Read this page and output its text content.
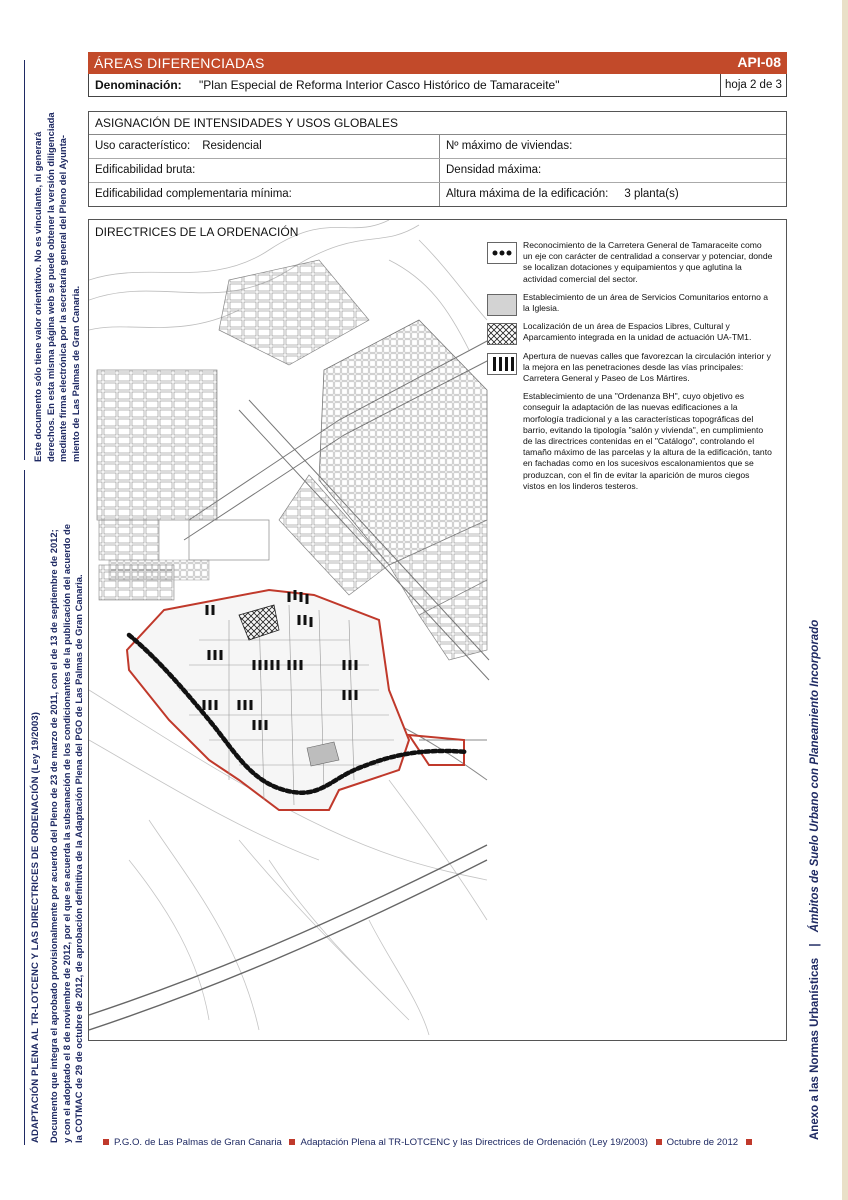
ADAPTACIÓN PLENA AL TR-LOTCENC Y LAS DIRECTRICES DE ORDENACIÓN (Ley 19/2003) Documento que integra el aprobado provisionalmente por acuerdo del Pleno de 23 de marzo de 2011, con el de 13 de septiembre de 2012; y con el adoptado el 8 de noviembre de 2012, por el que se acuerda la subsanación de los condicionantes de la publicación del acuerdo de la COTMAC de 29 de octubre de 2012, de aprobación definitiva de la Adaptación Plena del PGO de Las Palmas de Gran Canaria.
Este documento sólo tiene valor orientativo. No es vinculante, ni generará derechos. En esta misma página web se puede obtener la versión diligenciada mediante firma electrónica por la secretaría general del Pleno del Ayunta- miento de Las Palmas de Gran Canaria.
Anexo a las Normas Urbanísticas | Ámbitos de Suelo Urbano con Planeamiento Incorporado
ÁREAS DIFERENCIADAS	API-08
Denominación: "Plan Especial de Reforma Interior Casco Histórico de Tamaraceite"	hoja 2 de 3
ASIGNACIÓN DE INTENSIDADES Y USOS GLOBALES
Uso característico: Residencial	Nº máximo de viviendas:
Edificabilidad bruta:	Densidad máxima:
Edificabilidad complementaria mínima:	Altura máxima de la edificación: 3 planta(s)
DIRECTRICES DE LA ORDENACIÓN
Reconocimiento de la Carretera General de Tamaraceite como un eje con carácter de centralidad a conservar y potenciar, donde se localizan dotaciones y equipamientos y que aglutina la actividad comercial del sector.
Establecimiento de un área de Servicios Comunitarios entorno a la Iglesia.
Localización de un área de Espacios Libres, Cultural y Aparcamiento integrada en la unidad de actuación UA-TM1.
Apertura de nuevas calles que favorezcan la circulación interior y la mejora en las penetraciones desde las vías principales: Carretera General y Paseo de Los Mártires.
Establecimiento de una "Ordenanza BH", cuyo objetivo es conseguir la adaptación de las nuevas edificaciones a la morfología tradicional y a las características topográficas del barrio, evitando la tipología "salón y vivienda", en cumplimiento de las directrices contenidas en el "Catálogo", controlando el tamaño máximo de las parcelas y la altura de la edificación, tanto en fachadas como en los sucesivos escalonamientos que se produzcan, con el fin de evitar la aparición de muros ciegos vistos en los linderos testeros.
P.G.O. de Las Palmas de Gran Canaria Adaptación Plena al TR-LOTCENC y las Directrices de Ordenación (Ley 19/2003) Octubre de 2012
